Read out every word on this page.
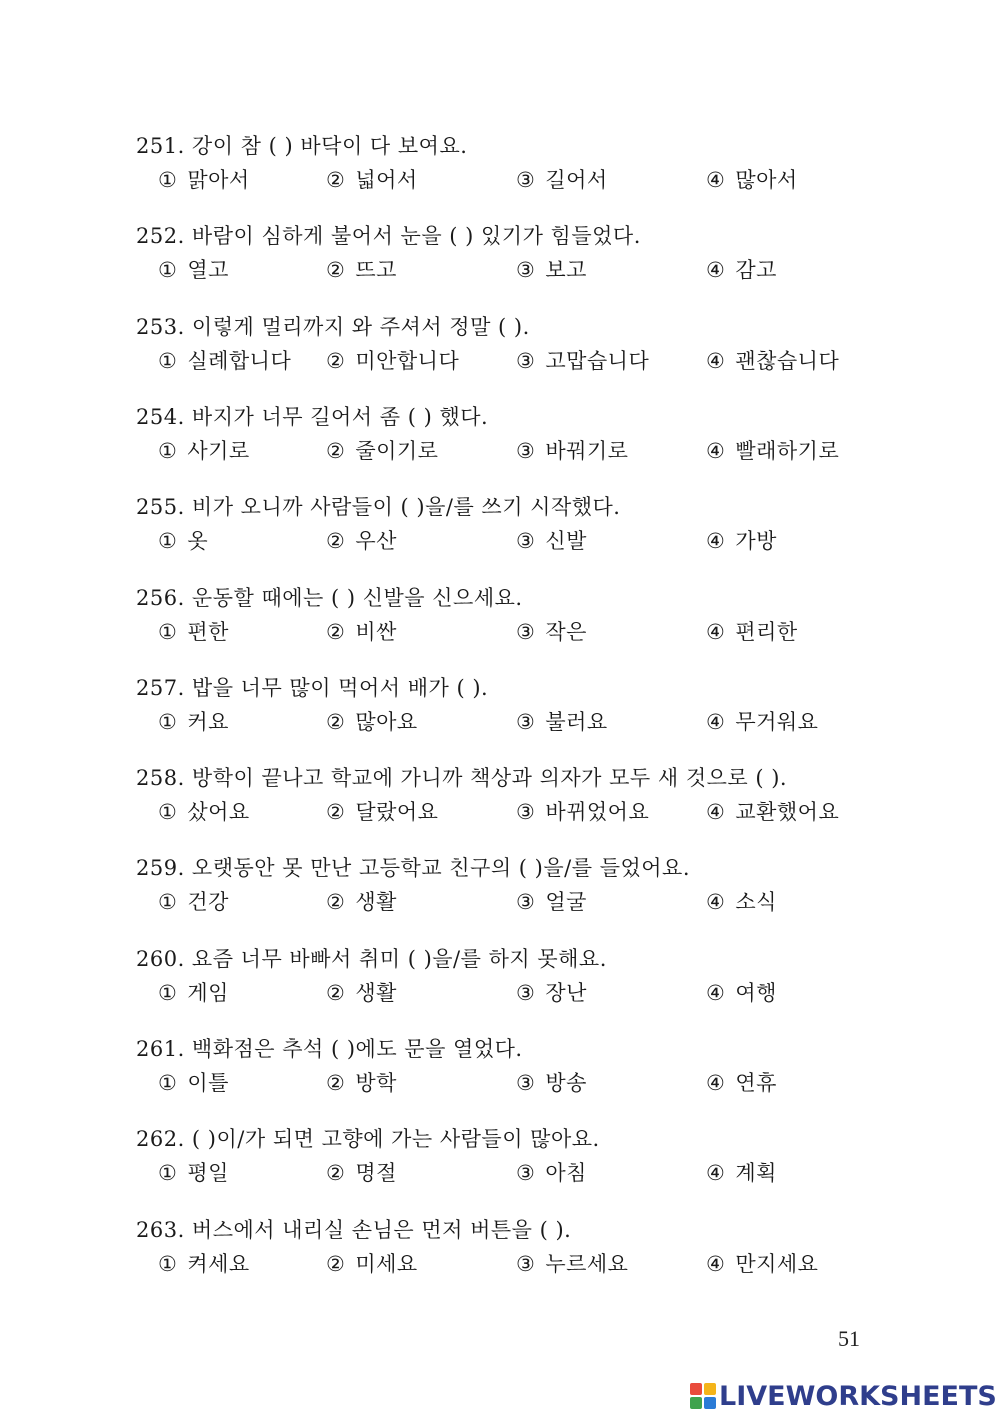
251. 강이 참 ( ) 바닥이 다 보여요.
① 맑아서	② 넓어서	③ 길어서	④ 많아서
252. 바람이 심하게 불어서 눈을 ( ) 있기가 힘들었다.
① 열고	② 뜨고	③ 보고	④ 감고
253. 이렇게 멀리까지 와 주셔서 정말 ( ).
① 실례합니다 ② 미안합니다	③ 고맙습니다	④ 괜찮습니다
254. 바지가 너무 길어서 좀 ( ) 했다.
① 사기로	② 줄이기로	③ 바꿔기로	④ 빨래하기로
255. 비가 오니까 사람들이 ( )을/를 쓰기 시작했다.
① 옷	② 우산	③ 신발	④ 가방
256. 운동할 때에는 ( ) 신발을 신으세요.
① 편한	② 비싼	③ 작은	④ 편리한
257. 밥을 너무 많이 먹어서 배가 ( ).
① 커요	② 많아요	③ 불러요	④ 무거워요
258. 방학이 끝나고 학교에 가니까 책상과 의자가 모두 새 것으로 ( ).
① 샀어요	② 달랐어요	③ 바뀌었어요	④ 교환했어요
259. 오랫동안 못 만난 고등학교 친구의 ( )을/를 들었어요.
① 건강	② 생활	③ 얼굴	④ 소식
260. 요즘 너무 바빠서 취미 ( )을/를 하지 못해요.
① 게임	② 생활	③ 장난	④ 여행
261. 백화점은 추석 ( )에도 문을 열었다.
① 이틀	② 방학	③ 방송	④ 연휴
262. ( )이/가 되면 고향에 가는 사람들이 많아요.
① 평일	② 명절	③ 아침	④ 계획
263. 버스에서 내리실 손님은 먼저 버튼을 ( ).
① 켜세요	② 미세요	③ 누르세요	④ 만지세요
51
LIVEWORKSHEETS
